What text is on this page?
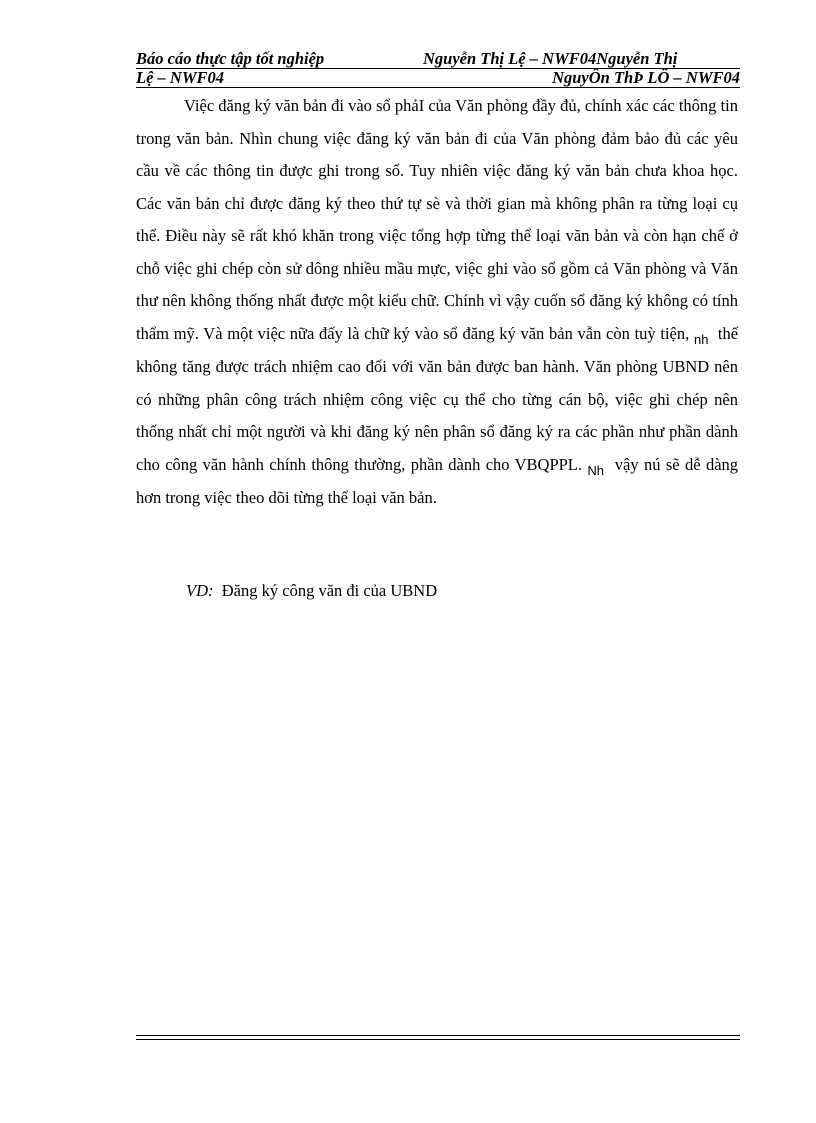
Báo cáo thực tập tốt nghiệp	Nguyễn Thị Lệ – NWF04Nguyễn Thị
Lệ – NWF04	NguyÔn ThÞ LÖ – NWF04

Việc đăng ký văn bản đi vào sổ phảI của Văn phòng đầy đủ, chính xác các thông tin trong văn bản. Nhìn chung việc đăng ký văn bản đi của Văn phòng đảm bảo đủ các yêu cầu về các thông tin được ghi trong sổ. Tuy nhiên việc đăng ký văn bản chưa khoa học. Các văn bản chỉ được đăng ký theo thứ tự sè và thời gian mà không phân ra từng loại cụ thể. Điều này sẽ rất khó khăn trong việc tổng hợp từng thể loại văn bản và còn hạn chế ở chỗ việc ghi chép còn sử dông nhiều mầu mực, việc ghi vào sổ gồm cả Văn phòng và Văn thư nên không thống nhất được một kiểu chữ. Chính vì vậy cuốn sổ đăng ký không có tính thẩm mỹ. Và một việc nữa đấy là chữ ký vào sổ đăng ký văn bản vẫn còn tuỳ tiện, $_{nh}$ thế không tăng được trách nhiệm cao đối với văn bản được ban hành. Văn phòng UBND nên có những phân công trách nhiệm công việc cụ thể cho từng cán bộ, việc ghi chép nên thống nhất chỉ một người và khi đăng ký nên phân sổ đăng ký ra các phần như phần dành cho công văn hành chính thông thường, phần dành cho VBQPPL. $_{Nh}$ vậy nú sẽ dễ dàng hơn trong việc theo dõi từng thể loại văn bản.

VD: Đăng ký công văn đi của UBND
